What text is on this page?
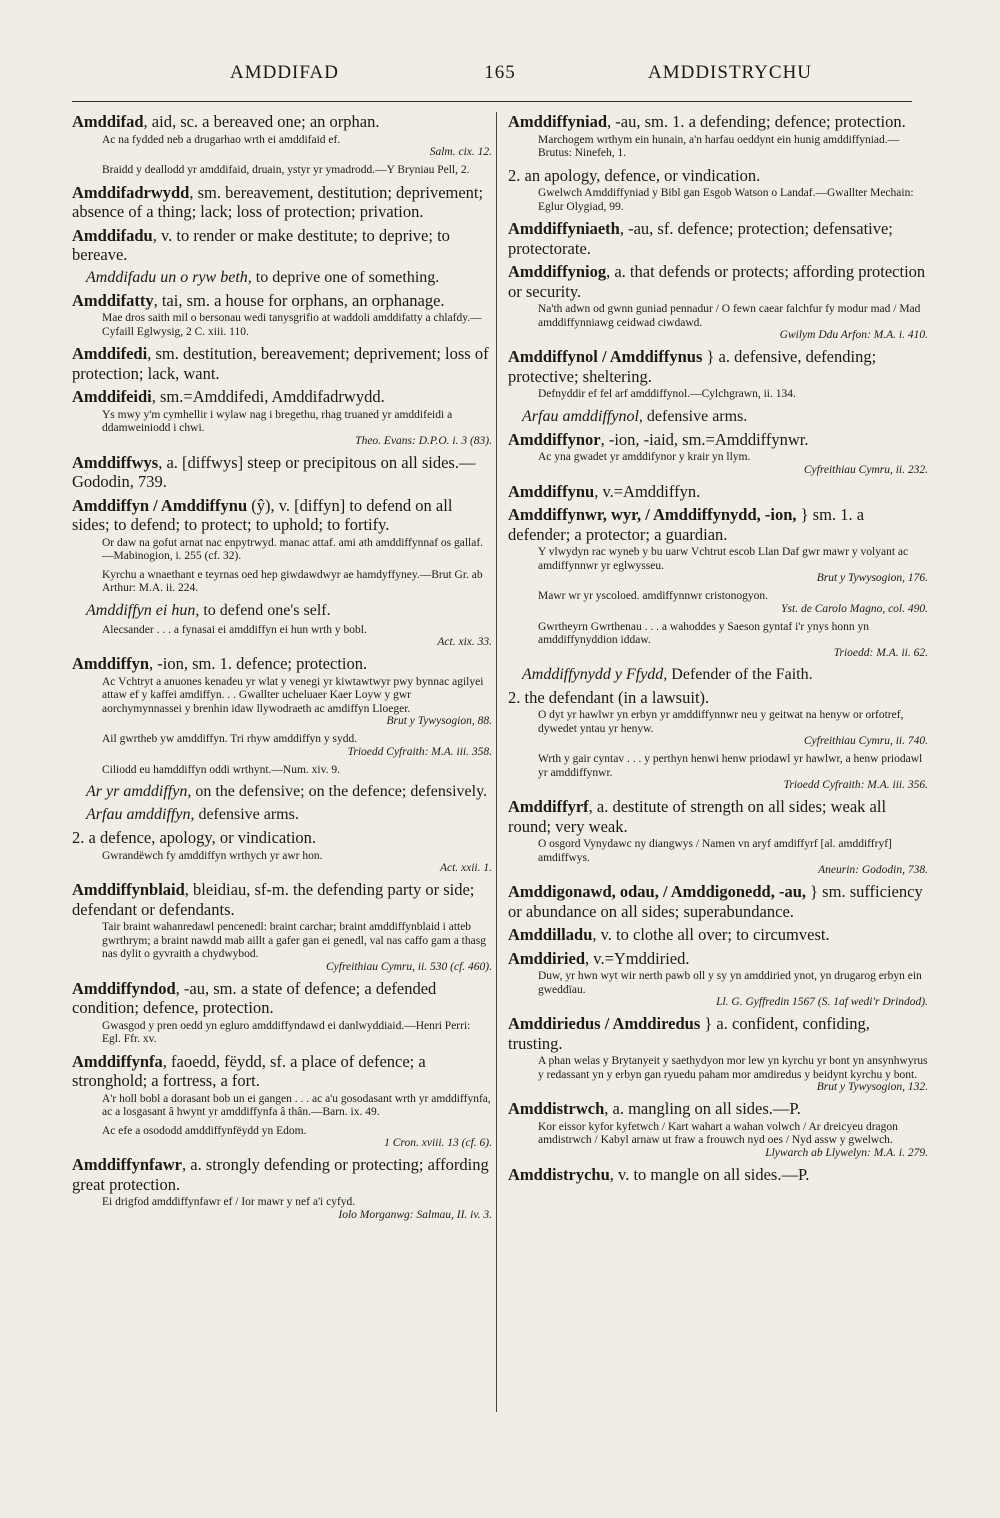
AMDDIFAD	165	AMDDISTRYCHU

Amddifad, aid, sc. a bereaved one; an orphan.

Ac na fydded neb a drugarhao wrth ei amddifaid ef.
Salm. cix. 12.
Braidd y deallodd yr amddifaid, druain, ystyr yr ymadrodd.—Y Bryniau Pell, 2.

Amddifadrwydd, sm. bereavement, destitution; deprivement; absence of a thing; lack; loss of protection; privation.

Amddifadu, v. to render or make destitute; to deprive; to bereave.

Amddifadu un o ryw beth, to deprive one of something.

Amddifatty, tai, sm. a house for orphans, an orphanage.

Mae dros saith mil o bersonau wedi tanysgrifio at waddoli amddifatty a chlafdy.—Cyfaill Eglwysig, 2 C. xiii. 110.

Amddifedi, sm. destitution, bereavement; deprivement; loss of protection; lack, want.

Amddifeidi, sm.=Amddifedi, Amddifadrwydd.

Ys mwy y'm cymhellir i wylaw nag i bregethu, rhag truaned yr amddifeidi a ddamweiniodd i chwi.
Theo. Evans: D.P.O. i. 3 (83).

Amddiffwys, a. [diffwys] steep or precipitous on all sides.—Gododin, 739.

Amddiffyn / Amddiffynu (ŷ), v. [diffyn] to defend on all sides; to defend; to protect; to uphold; to fortify.

Or daw na gofut arnat nac enpytrwyd. manac attaf. ami ath amddiffynnaf os gallaf.—Mabinogion, i. 255 (cf. 32).
Kyrchu a wnaethant e teyrnas oed hep giwdawdwyr ae hamdyffyney.—Brut Gr. ab Arthur: M.A. ii. 224.
Amddiffyn ei hun, to defend one's self.
Alecsander . . . a fynasai ei amddiffyn ei hun wrth y bobl.
Act. xix. 33.

Amddiffyn, -ion, sm. 1. defence; protection.

Ac Vchtryt a anuones kenadeu yr wlat y venegi yr kiwtawtwyr pwy bynnac agilyei attaw ef y kaffei amdiffyn. . . Gwallter ucheluaer Kaer Loyw y gwr aorchymynnassei y brenhin idaw llywodraeth ac amdiffyn Lloeger.
Brut y Tywysogion, 88.
Ail gwrtheb yw amddiffyn. Tri rhyw amddiffyn y sydd.
Trioedd Cyfraith: M.A. iii. 358.
Ciliodd eu hamddiffyn oddi wrthynt.—Num. xiv. 9.
Ar yr amddiffyn, on the defensive; on the defence; defensively.
Arfau amddiffyn, defensive arms.

2. a defence, apology, or vindication.

Gwrandëwch fy amddiffyn wrthych yr awr hon.
Act. xxii. 1.

Amddiffynblaid, bleidiau, sf-m. the defending party or side; defendant or defendants.

Tair braint wahanredawl pencenedl: braint carchar; braint amddiffynblaid i atteb gwrthrym; a braint nawdd mab aillt a gafer gan ei genedl, val nas caffo gam a thasg nas dylit o gyvraith a chydwybod.
Cyfreithiau Cymru, ii. 530 (cf. 460).

Amddiffyndod, -au, sm. a state of defence; a defended condition; defence, protection.

Gwasgod y pren oedd yn egluro amddiffyndawd ei danlwyddiaid.—Henri Perri: Egl. Ffr. xv.

Amddiffynfa, faoedd, fëydd, sf. a place of defence; a stronghold; a fortress, a fort.

A'r holl bobl a dorasant bob un ei gangen . . . ac a'u gosodasant wrth yr amddiffynfa, ac a losgasant â hwynt yr amddiffynfa â thân.—Barn. ix. 49.
Ac efe a osododd amddiffynfëydd yn Edom.
1 Cron. xviii. 13 (cf. 6).

Amddiffynfawr, a. strongly defending or protecting; affording great protection.

Ei drigfod amddiffynfawr ef / Ior mawr y nef a'i cyfyd.
Iolo Morganwg: Salmau, II. iv. 3.

Amddiffyniad, -au, sm. 1. a defending; defence; protection.

Marchogem wrthym ein hunain, a'n harfau oeddynt ein hunig amddiffyniad.—Brutus: Ninefeh, 1.

2. an apology, defence, or vindication.

Gwelwch Amddiffyniad y Bibl gan Esgob Watson o Landaf.—Gwallter Mechain: Eglur Olygiad, 99.

Amddiffyniaeth, -au, sf. defence; protection; defensative; protectorate.

Amddiffyniog, a. that defends or protects; affording protection or security.

Na'th adwn od gwnn guniad pennadur / O fewn caear falchfur fy modur mad / Mad amddiffynniawg ceidwad ciwdawd.
Gwilym Ddu Arfon: M.A. i. 410.

Amddiffynol / Amddiffynus } a. defensive, defending; protective; sheltering.

Defnyddir ef fel arf amddiffynol.—Cylchgrawn, ii. 134.
Arfau amddiffynol, defensive arms.

Amddiffynor, -ion, -iaid, sm.=Amddiffynwr.

Ac yna gwadet yr amddifynor y krair yn llym.
Cyfreithiau Cymru, ii. 232.

Amddiffynu, v.=Amddiffyn.

Amddiffynwr, wyr, / Amddiffynydd, -ion, } sm. 1. a defender; a protector; a guardian.

Y vlwydyn rac wyneb y bu uarw Vchtrut escob Llan Daf gwr mawr y volyant ac amdiffynnwr yr eglwysseu.
Brut y Tywysogion, 176.
Mawr wr yr yscoloed. amdiffynnwr cristonogyon.
Yst. de Carolo Magno, col. 490.
Gwrtheyrn Gwrthenau . . . a wahoddes y Saeson gyntaf i'r ynys honn yn amddiffynyddion iddaw.
Trioedd: M.A. ii. 62.
Amddiffynydd y Ffydd, Defender of the Faith.

2. the defendant (in a lawsuit).

O dyt yr hawlwr yn erbyn yr amddiffynnwr neu y geitwat na henyw or orfotref, dywedet yntau yr henyw.
Cyfreithiau Cymru, ii. 740.
Wrth y gair cyntav . . . y perthyn henwi henw priodawl yr hawlwr, a henw priodawl yr amddiffynwr.
Trioedd Cyfraith: M.A. iii. 356.

Amddiffyrf, a. destitute of strength on all sides; weak all round; very weak.

O osgord Vynydawc ny diangwys / Namen vn aryf amdiffyrf [al. amddiffryf] amdiffwys.
Aneurin: Gododin, 738.

Amddigonawd, odau, / Amddigonedd, -au, } sm. sufficiency or abundance on all sides; superabundance.

Amddilladu, v. to clothe all over; to circumvest.

Amddiried, v.=Ymddiried.

Duw, yr hwn wyt wir nerth pawb oll y sy yn amddiried ynot, yn drugarog erbyn ein gweddïau.
Ll. G. Gyffredin 1567 (S. 1af wedi'r Drindod).

Amddiriedus / Amddiredus } a. confident, confiding, trusting.

A phan welas y Brytanyeit y saethydyon mor lew yn kyrchu yr bont yn ansynhwyrus y redassant yn y erbyn gan ryuedu paham mor amdiredus y beidynt kyrchu y bont.
Brut y Tywysogion, 132.

Amddistrwch, a. mangling on all sides.—P.

Kor eissor kyfor kyfetwch / Kart wahart a wahan volwch / Ar dreicyeu dragon amdistrwch / Kabyl arnaw ut fraw a frouwch nyd oes / Nyd assw y gwelwch.
Llywarch ab Llywelyn: M.A. i. 279.

Amddistrychu, v. to mangle on all sides.—P.
